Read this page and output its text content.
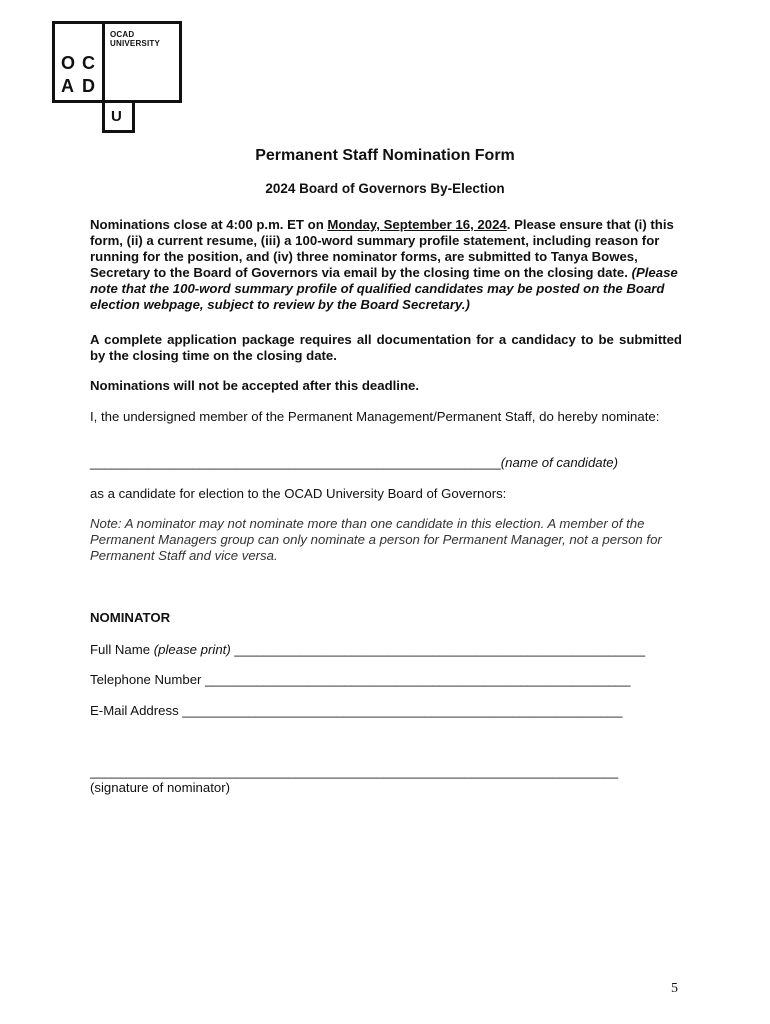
O C
A D
OCAD
UNIVERSITY
U
Permanent Staff Nomination Form
2024 Board of Governors By-Election
Nominations close at 4:00 p.m. ET on Monday, September 16, 2024. Please ensure that (i) this form, (ii) a current resume, (iii) a 100-word summary profile statement, including reason for running for the position, and (iv) three nominator forms, are submitted to Tanya Bowes, Secretary to the Board of Governors via email by the closing time on the closing date. (Please note that the 100-word summary profile of qualified candidates may be posted on the Board election webpage, subject to review by the Board Secretary.)
A complete application package requires all documentation for a candidacy to be submitted by the closing time on the closing date.
Nominations will not be accepted after this deadline.
I, the undersigned member of the Permanent Management/Permanent Staff, do hereby nominate:
________________________________________________________(name of candidate)
as a candidate for election to the OCAD University Board of Governors:
Note: A nominator may not nominate more than one candidate in this election. A member of the Permanent Managers group can only nominate a person for Permanent Manager, not a person for Permanent Staff and vice versa.
NOMINATOR
Full Name (please print) ________________________________________________________
Telephone Number __________________________________________________________
E-Mail Address ____________________________________________________________
________________________________________________________________________
(signature of nominator)
5
